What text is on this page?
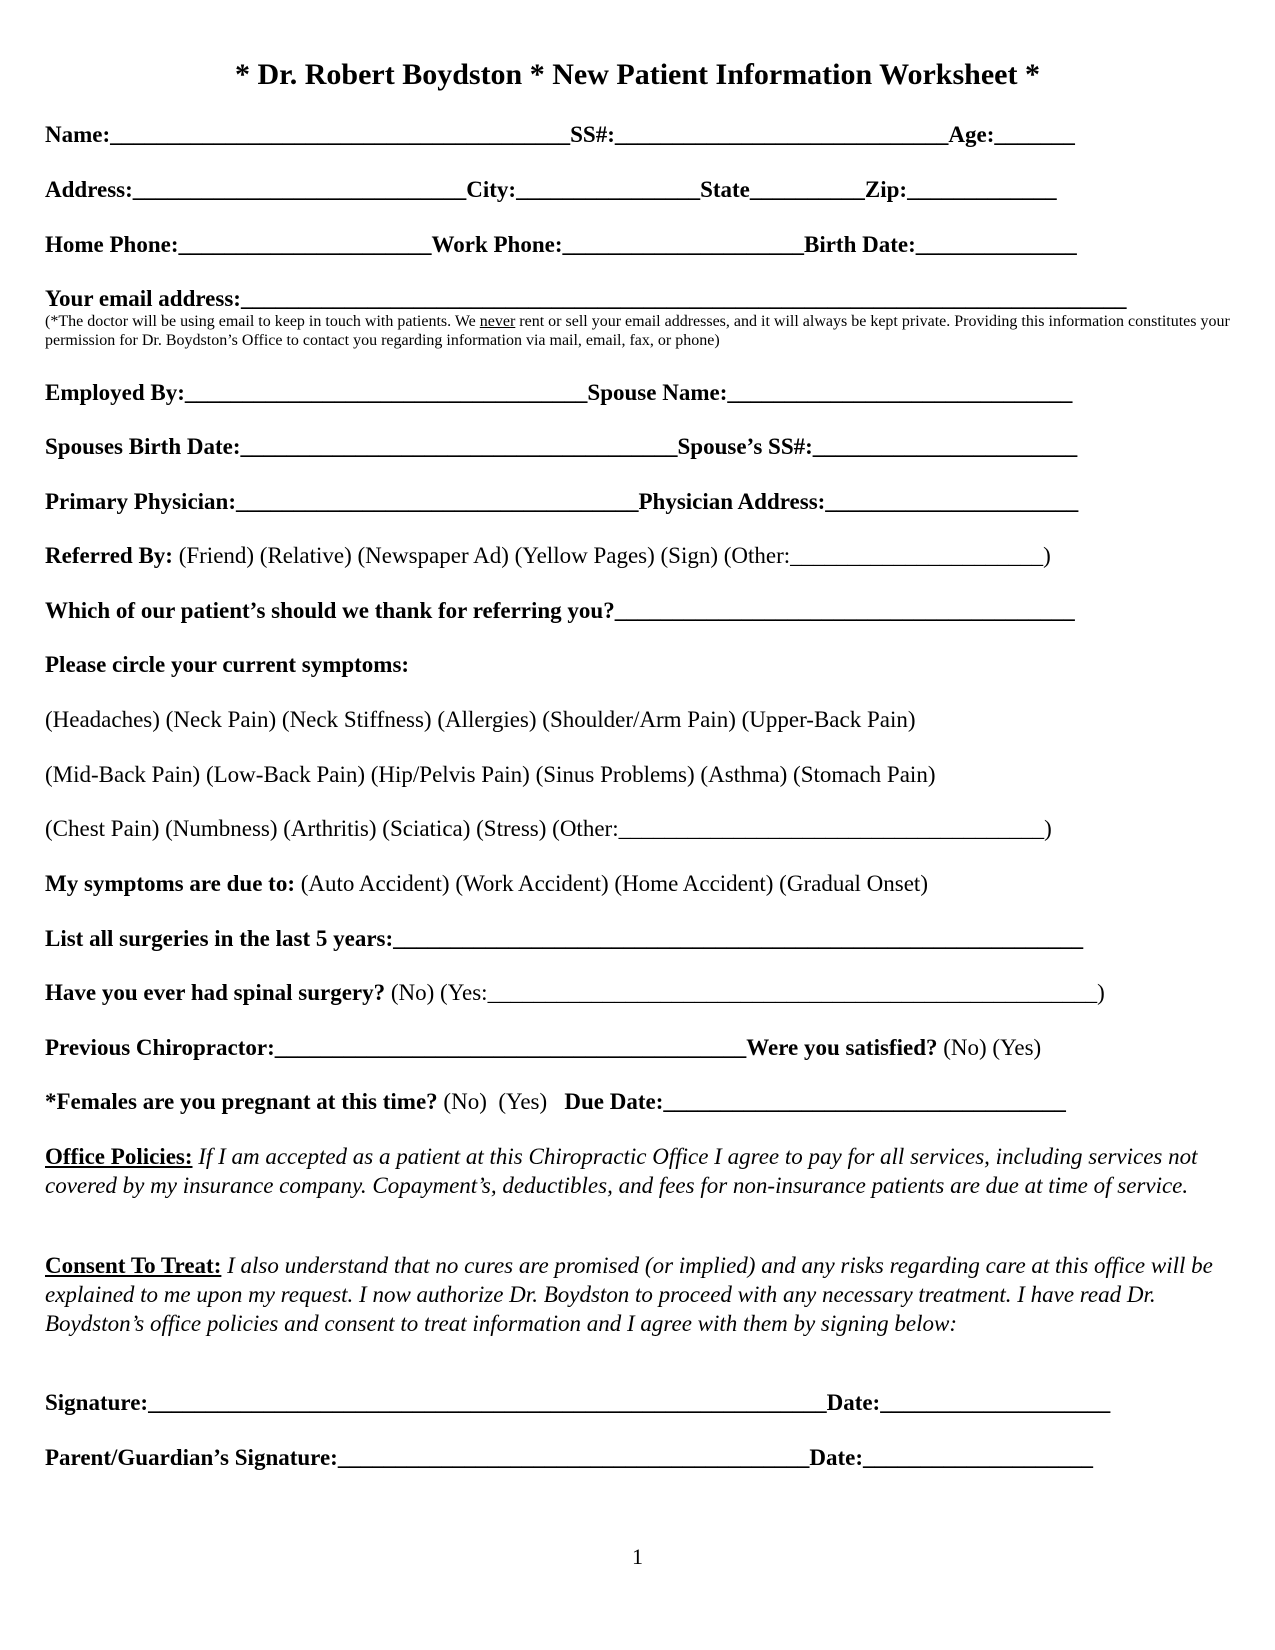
* Dr. Robert Boydston * New Patient Information Worksheet *
Name:________________________________________SS#:_____________________________Age:_______
Address:_____________________________City:________________State__________Zip:_____________
Home Phone:______________________Work Phone:_____________________Birth Date:______________
Your email address:_____________________________________________________________________________
(*The doctor will be using email to keep in touch with patients. We never rent or sell your email addresses, and it will always be kept private. Providing this information constitutes your permission for Dr. Boydston’s Office to contact you regarding information via mail, email, fax, or phone)
Employed By:___________________________________Spouse Name:______________________________
Spouses Birth Date:______________________________________Spouse’s SS#:_______________________
Primary Physician:___________________________________Physician Address:______________________
Referred By: (Friend) (Relative) (Newspaper Ad) (Yellow Pages) (Sign) (Other:______________________)
Which of our patient’s should we thank for referring you?________________________________________
Please circle your current symptoms:
(Headaches) (Neck Pain) (Neck Stiffness) (Allergies) (Shoulder/Arm Pain) (Upper-Back Pain)
(Mid-Back Pain) (Low-Back Pain) (Hip/Pelvis Pain) (Sinus Problems) (Asthma) (Stomach Pain)
(Chest Pain) (Numbness) (Arthritis) (Sciatica) (Stress) (Other:_____________________________________)
My symptoms are due to: (Auto Accident) (Work Accident) (Home Accident) (Gradual Onset)
List all surgeries in the last 5 years:____________________________________________________________
Have you ever had spinal surgery? (No) (Yes:_____________________________________________________)
Previous Chiropractor:_________________________________________Were you satisfied? (No) (Yes)
*Females are you pregnant at this time? (No)  (Yes)   Due Date:___________________________________
Office Policies: If I am accepted as a patient at this Chiropractic Office I agree to pay for all services, including services not covered by my insurance company. Copayment’s, deductibles, and fees for non-insurance patients are due at time of service.
Consent To Treat: I also understand that no cures are promised (or implied) and any risks regarding care at this office will be explained to me upon my request. I now authorize Dr. Boydston to proceed with any necessary treatment. I have read Dr. Boydston’s office policies and consent to treat information and I agree with them by signing below:
Signature:___________________________________________________________Date:____________________
Parent/Guardian’s Signature:_________________________________________Date:____________________
1
